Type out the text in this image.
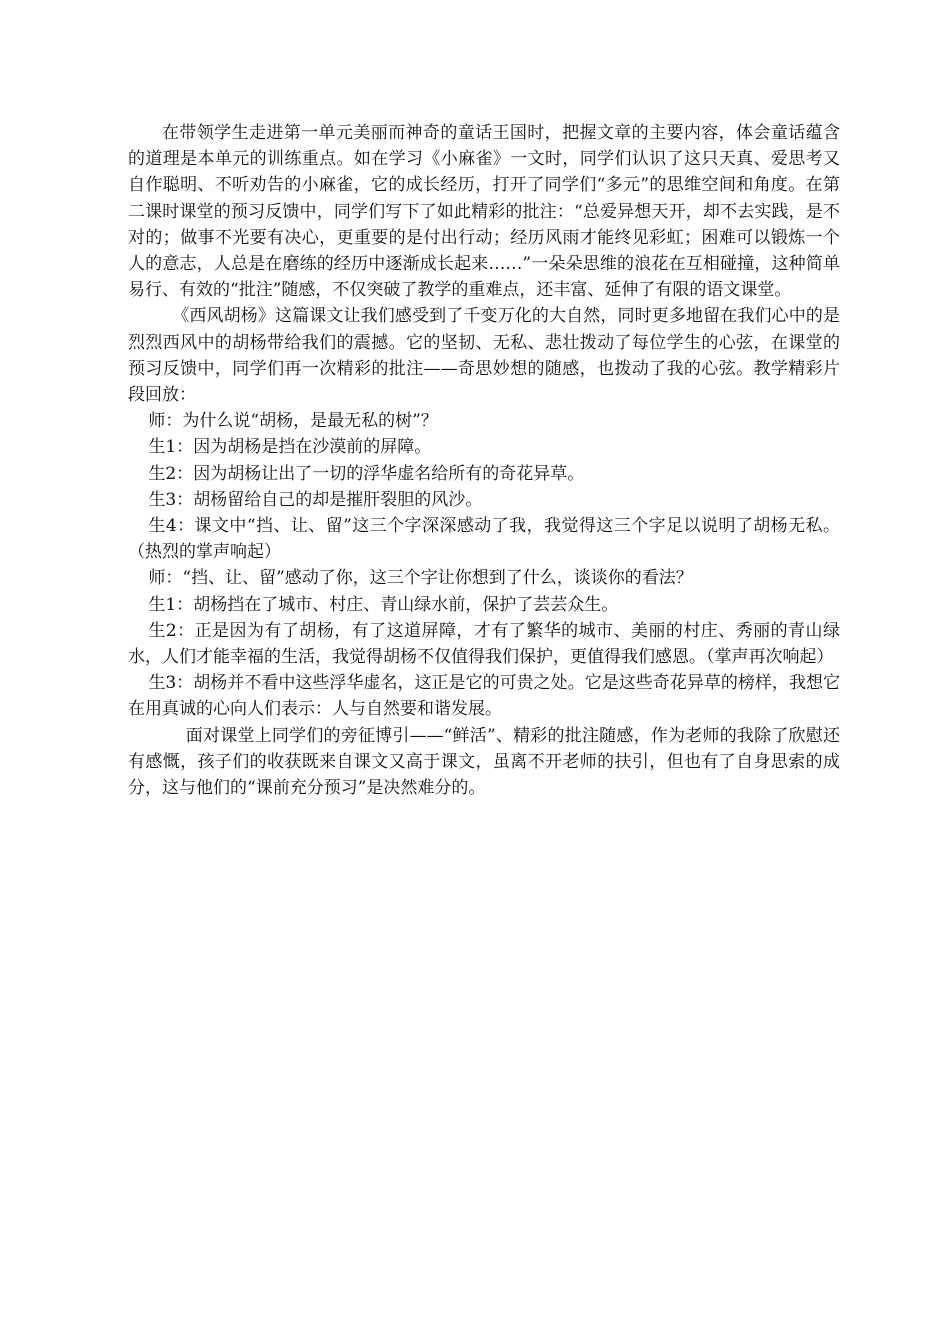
在带领学生走进第一单元美丽而神奇的童话王国时，把握文章的主要内容，体会童话蕴含的道理是本单元的训练重点。如在学习《小麻雀》一文时，同学们认识了这只天真、爱思考又自作聪明、不听劝告的小麻雀，它的成长经历，打开了同学们“多元”的思维空间和角度。在第二课时课堂的预习反馈中，同学们写下了如此精彩的批注：“总爱异想天开，却不去实践，是不对的；做事不光要有决心，更重要的是付出行动；经历风雨才能终见彩虹；困难可以锻炼一个人的意志，人总是在磨练的经历中逐渐成长起来……”一朵朵思维的浪花在互相碰撞，这种简单易行、有效的“批注”随感，不仅突破了教学的重难点，还丰富、延伸了有限的语文课堂。

《西风胡杨》这篇课文让我们感受到了千变万化的大自然，同时更多地留在我们心中的是烈烈西风中的胡杨带给我们的震撼。它的坚韧、无私、悲壮拨动了每位学生的心弦，在课堂的预习反馈中，同学们再一次精彩的批注——奇思妙想的随感，也拨动了我的心弦。教学精彩片段回放：

师：为什么说“胡杨，是最无私的树”？

生1：因为胡杨是挡在沙漠前的屏障。

生2：因为胡杨让出了一切的浮华虚名给所有的奇花异草。

生3：胡杨留给自己的却是摧肝裂胆的风沙。

生4：课文中“挡、让、留”这三个字深深感动了我，我觉得这三个字足以说明了胡杨无私。（热烈的掌声响起）

师：“挡、让、留”感动了你，这三个字让你想到了什么，谈谈你的看法？

生1：胡杨挡在了城市、村庄、青山绿水前，保护了芸芸众生。

生2：正是因为有了胡杨，有了这道屏障，才有了繁华的城市、美丽的村庄、秀丽的青山绿水，人们才能幸福的生活，我觉得胡杨不仅值得我们保护，更值得我们感恩。（掌声再次响起）

生3：胡杨并不看中这些浮华虚名，这正是它的可贵之处。它是这些奇花异草的榜样，我想它在用真诚的心向人们表示：人与自然要和谐发展。

面对课堂上同学们的旁征博引——“鲜活”、精彩的批注随感，作为老师的我除了欣慰还有感慨，孩子们的收获既来自课文又高于课文，虽离不开老师的扶引，但也有了自身思索的成分，这与他们的“课前充分预习”是决然难分的。
